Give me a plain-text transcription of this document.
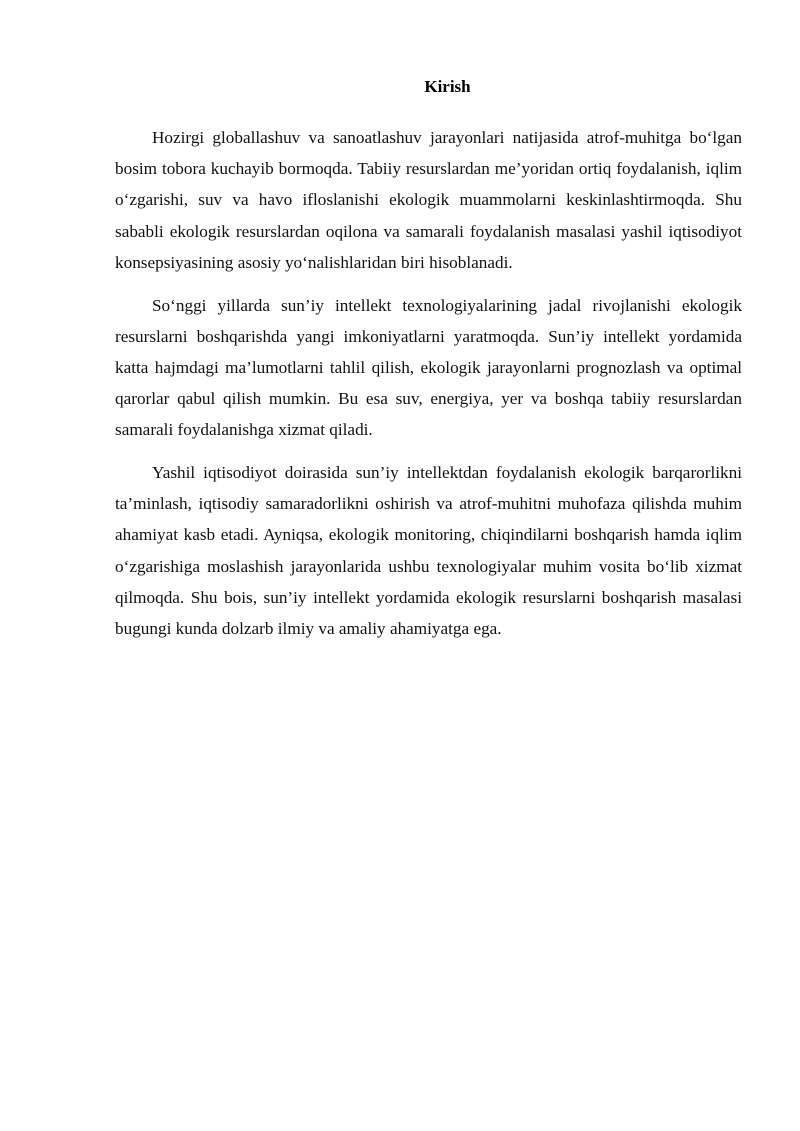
Kirish

Hozirgi globallashuv va sanoatlashuv jarayonlari natijasida atrof-muhitga bo‘lgan bosim tobora kuchayib bormoqda. Tabiiy resurslardan me’yoridan ortiq foydalanish, iqlim o‘zgarishi, suv va havo ifloslanishi ekologik muammolarni keskinlashtirmoqda. Shu sababli ekologik resurslardan oqilona va samarali foydalanish masalasi yashil iqtisodiyot konsepsiyasining asosiy yo‘nalishlaridan biri hisoblanadi.

So‘nggi yillarda sun’iy intellekt texnologiyalarining jadal rivojlanishi ekologik resurslarni boshqarishda yangi imkoniyatlarni yaratmoqda. Sun’iy intellekt yordamida katta hajmdagi ma’lumotlarni tahlil qilish, ekologik jarayonlarni prognozlash va optimal qarorlar qabul qilish mumkin. Bu esa suv, energiya, yer va boshqa tabiiy resurslardan samarali foydalanishga xizmat qiladi.

Yashil iqtisodiyot doirasida sun’iy intellektdan foydalanish ekologik barqarorlikni ta’minlash, iqtisodiy samaradorlikni oshirish va atrof-muhitni muhofaza qilishda muhim ahamiyat kasb etadi. Ayniqsa, ekologik monitoring, chiqindilarni boshqarish hamda iqlim o‘zgarishiga moslashish jarayonlarida ushbu texnologiyalar muhim vosita bo‘lib xizmat qilmoqda. Shu bois, sun’iy intellekt yordamida ekologik resurslarni boshqarish masalasi bugungi kunda dolzarb ilmiy va amaliy ahamiyatga ega.
